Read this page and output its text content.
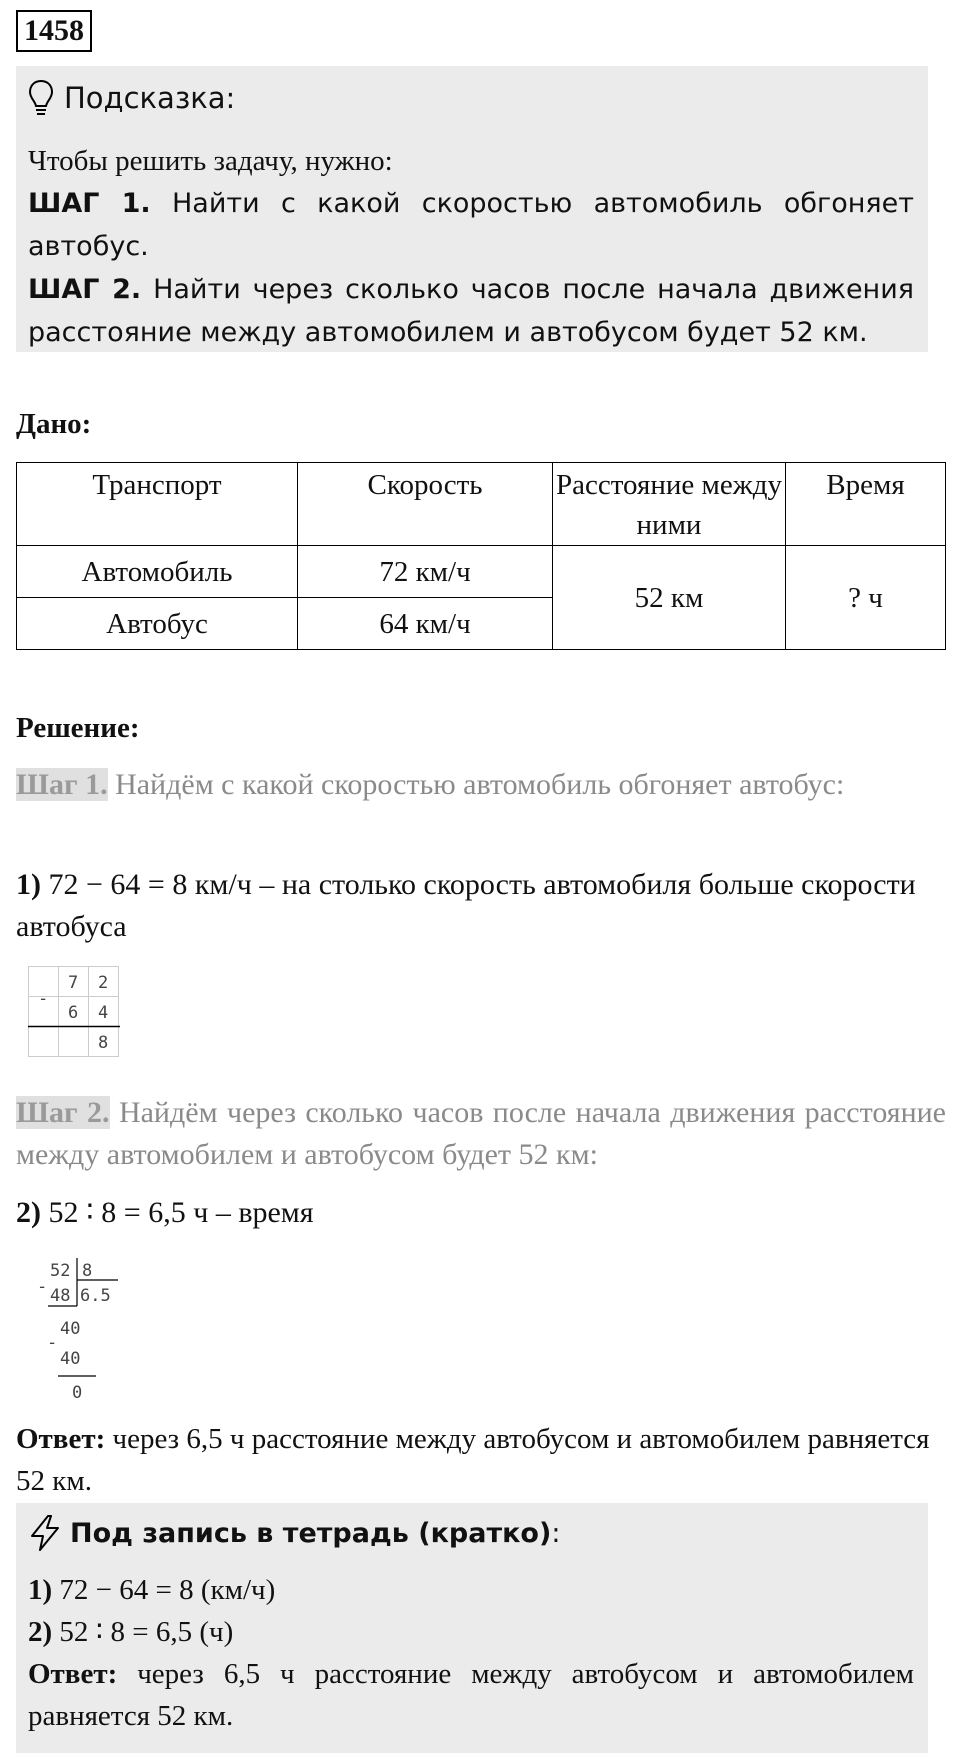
1458
Подсказка:
Чтобы решить задачу, нужно:
ШАГ 1. Найти с какой скоростью автомобиль обгоняет автобус.
ШАГ 2. Найти через сколько часов после начала движения расстояние между автомобилем и автобусом будет 52 км.
Дано:
Транспорт	Скорость	Расстояние между ними	Время
Автомобиль	72 км/ч	52 км	? ч
Автобус	64 км/ч		
Решение:
Шаг 1. Найдём с какой скоростью автомобиль обгоняет автобус:
1) 72 − 64 = 8 км/ч – на столько скорость автомобиля больше скорости автобуса
-
7 2
6 4
8
Шаг 2. Найдём через сколько часов после начала движения расстояние между автомобилем и автобусом будет 52 км:
2) 52 ∶ 8 = 6,5 ч – время
52 8
- 48 6.5
40
-
40
0
Ответ: через 6,5 ч расстояние между автобусом и автомобилем равняется 52 км.
Под запись в тетрадь (кратко) :
1) 72 − 64 = 8 (км/ч)
2) 52 ∶ 8 = 6,5 (ч)
Ответ: через 6,5 ч расстояние между автобусом и автомобилем равняется 52 км.
